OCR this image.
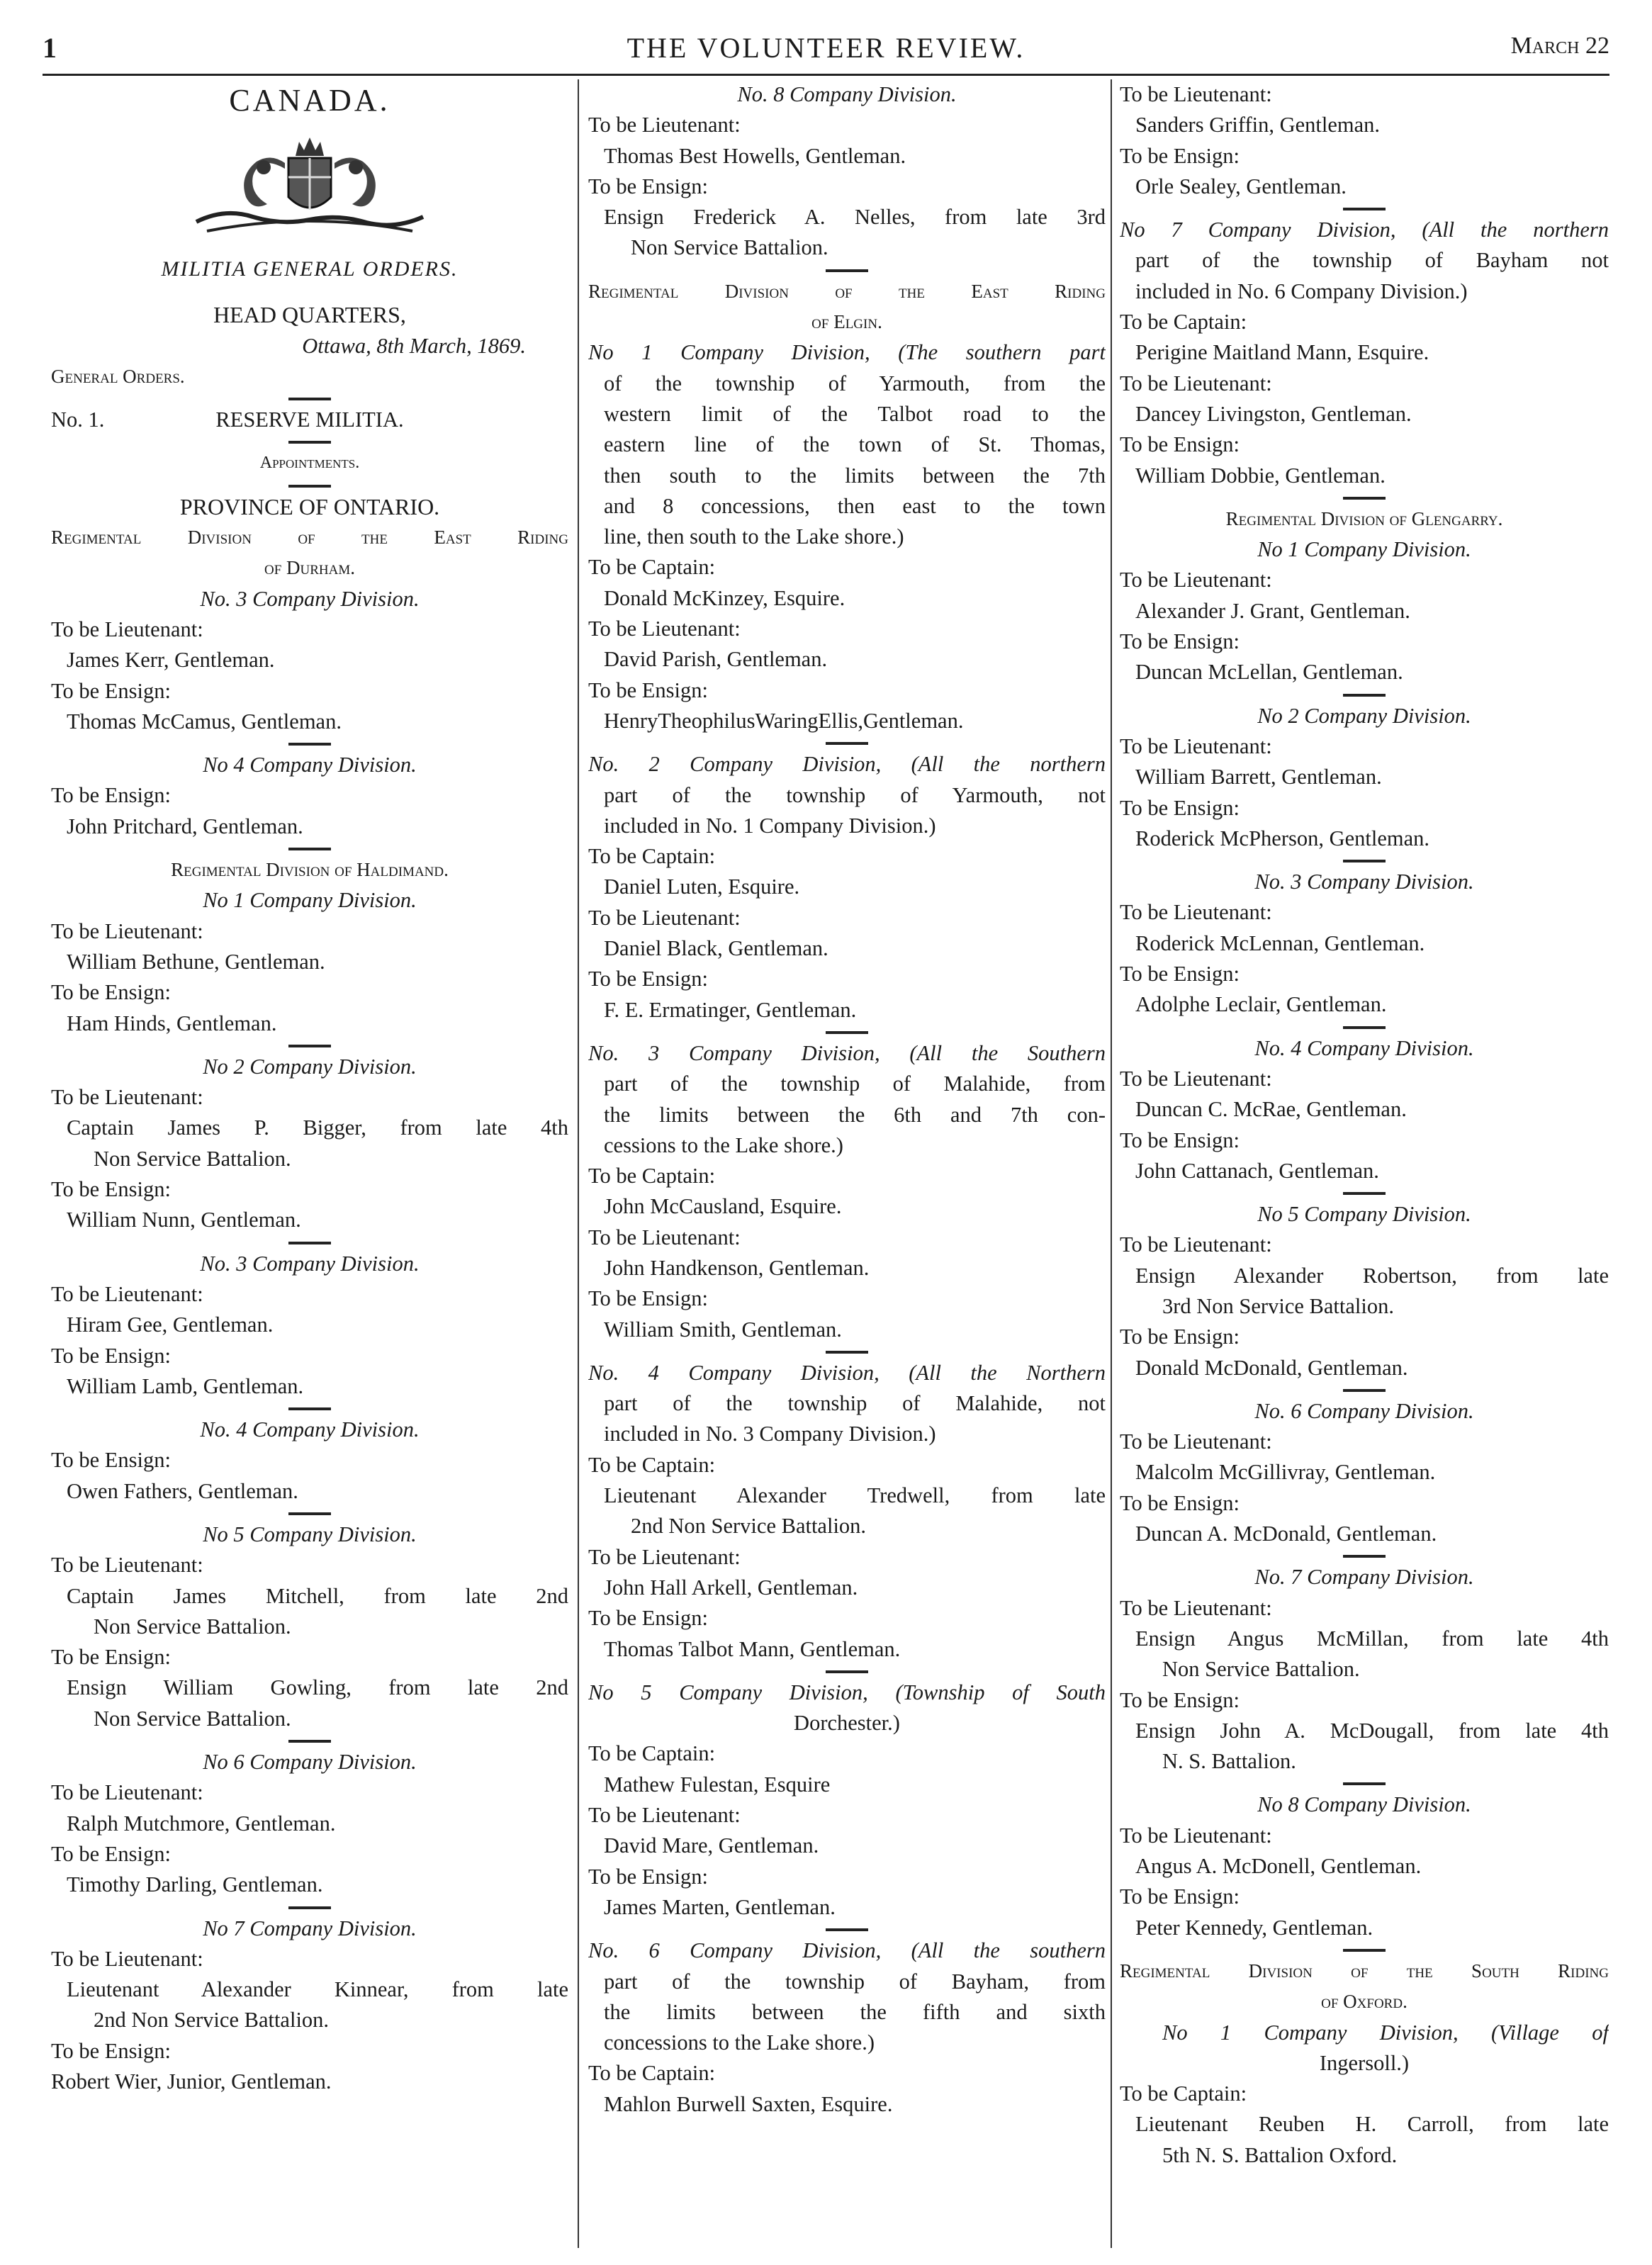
1	THE VOLUNTEER REVIEW.	March 22
CANADA.
MILITIA GENERAL ORDERS.
HEAD QUARTERS,
Ottawa, 8th March, 1869.
General Orders.
No. 1.	RESERVE MILITIA.
Appointments.
PROVINCE OF ONTARIO.
Regimental Division of the East Riding
of Durham.
No. 3 Company Division.
To be Lieutenant:
James Kerr, Gentleman.
To be Ensign:
Thomas McCamus, Gentleman.
No 4 Company Division.
To be Ensign:
John Pritchard, Gentleman.
Regimental Division of Haldimand.
No 1 Company Division.
To be Lieutenant:
William Bethune, Gentleman.
To be Ensign:
Ham Hinds, Gentleman.
No 2 Company Division.
To be Lieutenant:
Captain James P. Bigger, from late 4th
Non Service Battalion.
To be Ensign:
William Nunn, Gentleman.
No. 3 Company Division.
To be Lieutenant:
Hiram Gee, Gentleman.
To be Ensign:
William Lamb, Gentleman.
No. 4 Company Division.
To be Ensign:
Owen Fathers, Gentleman.
No 5 Company Division.
To be Lieutenant:
Captain James Mitchell, from late 2nd
Non Service Battalion.
To be Ensign:
Ensign William Gowling, from late 2nd
Non Service Battalion.
No 6 Company Division.
To be Lieutenant:
Ralph Mutchmore, Gentleman.
To be Ensign:
Timothy Darling, Gentleman.
No 7 Company Division.
To be Lieutenant:
Lieutenant Alexander Kinnear, from late
2nd Non Service Battalion.
To be Ensign:
Robert Wier, Junior, Gentleman.
No. 8 Company Division.
To be Lieutenant:
Thomas Best Howells, Gentleman.
To be Ensign:
Ensign Frederick A. Nelles, from late 3rd
Non Service Battalion.
Regimental Division of the East Riding
of Elgin.
No 1 Company Division, (The southern part
of the township of Yarmouth, from the
western limit of the Talbot road to the
eastern line of the town of St. Thomas,
then south to the limits between the 7th
and 8 concessions, then east to the town
line, then south to the Lake shore.)
To be Captain:
Donald McKinzey, Esquire.
To be Lieutenant:
David Parish, Gentleman.
To be Ensign:
HenryTheophilusWaringEllis,Gentleman.
No. 2 Company Division, (All the northern
part of the township of Yarmouth, not
included in No. 1 Company Division.)
To be Captain:
Daniel Luten, Esquire.
To be Lieutenant:
Daniel Black, Gentleman.
To be Ensign:
F. E. Ermatinger, Gentleman.
No. 3 Company Division, (All the Southern
part of the township of Malahide, from
the limits between the 6th and 7th con-
cessions to the Lake shore.)
To be Captain:
John McCausland, Esquire.
To be Lieutenant:
John Handkenson, Gentleman.
To be Ensign:
William Smith, Gentleman.
No. 4 Company Division, (All the Northern
part of the township of Malahide, not
included in No. 3 Company Division.)
To be Captain:
Lieutenant Alexander Tredwell, from late
2nd Non Service Battalion.
To be Lieutenant:
John Hall Arkell, Gentleman.
To be Ensign:
Thomas Talbot Mann, Gentleman.
No 5 Company Division, (Township of South
Dorchester.)
To be Captain:
Mathew Fulestan, Esquire
To be Lieutenant:
David Mare, Gentleman.
To be Ensign:
James Marten, Gentleman.
No. 6 Company Division, (All the southern
part of the township of Bayham, from
the limits between the fifth and sixth
concessions to the Lake shore.)
To be Captain:
Mahlon Burwell Saxten, Esquire.
To be Lieutenant:
Sanders Griffin, Gentleman.
To be Ensign:
Orle Sealey, Gentleman.
No 7 Company Division, (All the northern
part of the township of Bayham not
included in No. 6 Company Division.)
To be Captain:
Perigine Maitland Mann, Esquire.
To be Lieutenant:
Dancey Livingston, Gentleman.
To be Ensign:
William Dobbie, Gentleman.
Regimental Division of Glengarry.
No 1 Company Division.
To be Lieutenant:
Alexander J. Grant, Gentleman.
To be Ensign:
Duncan McLellan, Gentleman.
No 2 Company Division.
To be Lieutenant:
William Barrett, Gentleman.
To be Ensign:
Roderick McPherson, Gentleman.
No. 3 Company Division.
To be Lieutenant:
Roderick McLennan, Gentleman.
To be Ensign:
Adolphe Leclair, Gentleman.
No. 4 Company Division.
To be Lieutenant:
Duncan C. McRae, Gentleman.
To be Ensign:
John Cattanach, Gentleman.
No 5 Company Division.
To be Lieutenant:
Ensign Alexander Robertson, from late
3rd Non Service Battalion.
To be Ensign:
Donald McDonald, Gentleman.
No. 6 Company Division.
To be Lieutenant:
Malcolm McGillivray, Gentleman.
To be Ensign:
Duncan A. McDonald, Gentleman.
No. 7 Company Division.
To be Lieutenant:
Ensign Angus McMillan, from late 4th
Non Service Battalion.
To be Ensign:
Ensign John A. McDougall, from late 4th
N. S. Battalion.
No 8 Company Division.
To be Lieutenant:
Angus A. McDonell, Gentleman.
To be Ensign:
Peter Kennedy, Gentleman.
Regimental Division of the South Riding
of Oxford.
No 1 Company Division, (Village of
Ingersoll.)
To be Captain:
Lieutenant Reuben H. Carroll, from late
5th N. S. Battalion Oxford.
